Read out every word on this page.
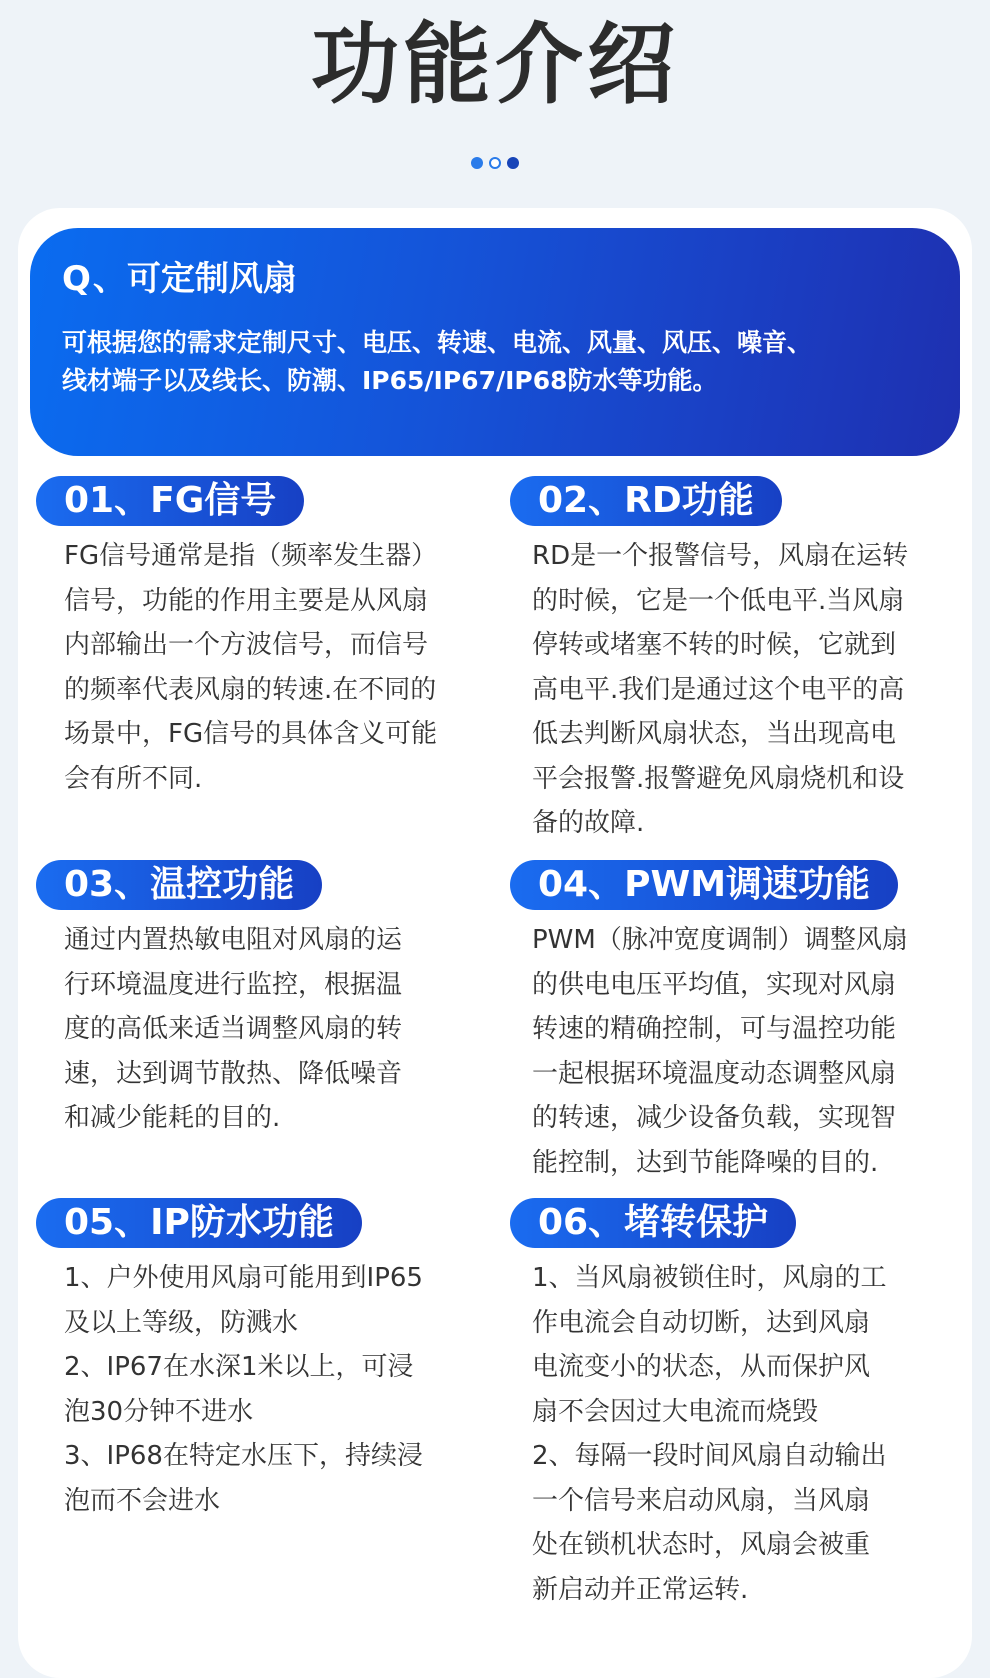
功能介绍
Q 、可定制风扇
可根据您的需求定制尺寸、电压、转速、电流、风量、风压、噪音、
线材端子以及线长、防潮、IP65/IP67/IP68防水等功能。
01、FG信号

FG信号通常是指（频率发生器）

信号，功能的作用主要是从风扇

内部输出一个方波信号，而信号

的频率代表风扇的转速.在不同的

场景中，FG信号的具体含义可能

会有所不同.

02、RD功能

RD是一个报警信号，风扇在运转

的时候，它是一个低电平.当风扇

停转或堵塞不转的时候，它就到

高电平.我们是通过这个电平的高

低去判断风扇状态，当出现高电

平会报警.报警避免风扇烧机和设

备的故障.

03、温控功能

通过内置热敏电阻对风扇的运

行环境温度进行监控，根据温

度的高低来适当调整风扇的转

速，达到调节散热、降低噪音

和减少能耗的目的.

04、PWM调速功能

PWM（脉冲宽度调制）调整风扇

的供电电压平均值，实现对风扇

转速的精确控制，可与温控功能

一起根据环境温度动态调整风扇

的转速，减少设备负载，实现智

能控制，达到节能降噪的目的.

05、IP防水功能

1、户外使用风扇可能用到IP65

及以上等级，防溅水

2、IP67在水深1米以上，可浸

泡30分钟不进水

3、IP68在特定水压下，持续浸

泡而不会进水

06、堵转保护

1、当风扇被锁住时，风扇的工

作电流会自动切断，达到风扇

电流变小的状态，从而保护风

扇不会因过大电流而烧毁

2、每隔一段时间风扇自动输出

一个信号来启动风扇，当风扇

处在锁机状态时，风扇会被重

新启动并正常运转.
